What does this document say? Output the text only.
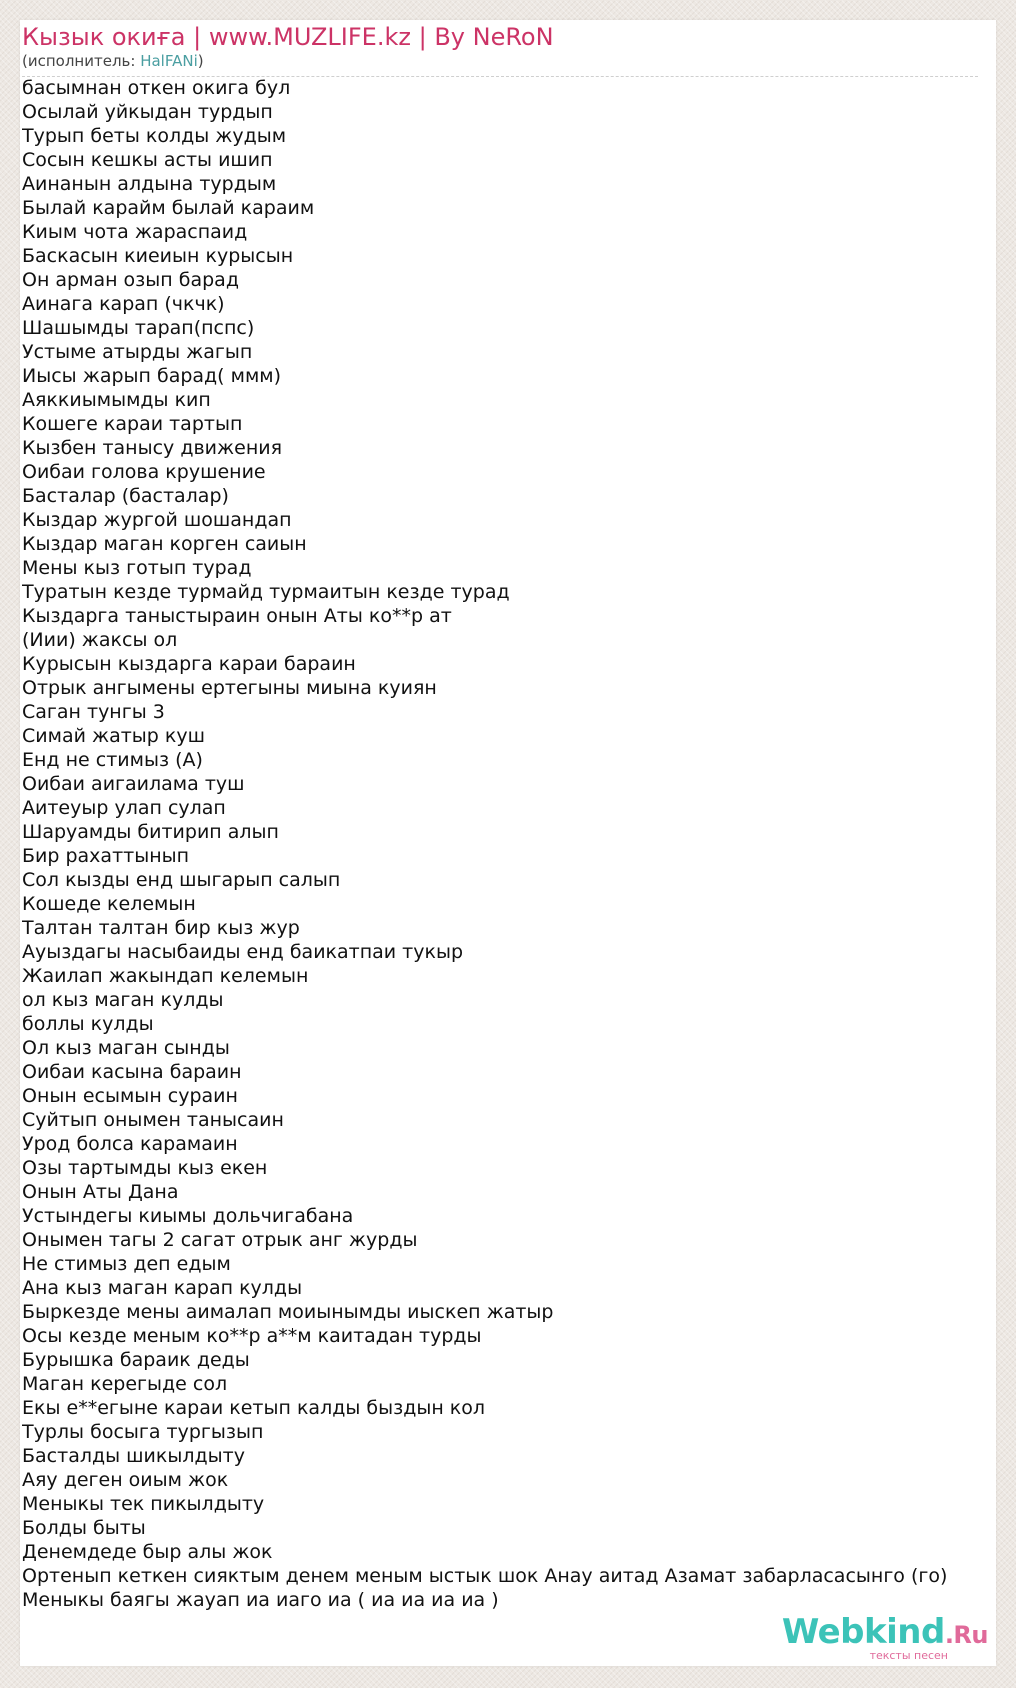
Кызык окиға | www.MUZLIFE.kz | By NeRoN
(исполнитель: HalFANi)
басымнан откен окига бул
Осылай уйкыдан турдып
Турып беты колды жудым
Сосын кешкы асты ишип
Аинанын алдына турдым
Былай карайм былай караим
Киым чота жараспаид
Баскасын киеиын курысын
Он арман озып барад
Аинага карап (чкчк)
Шашымды тарап(пспс)
Устыме атырды жагып
Иысы жарып барад( ммм)
Аяккиымымды кип
Кошеге караи тартып
Кызбен танысу движения
Оибаи голова крушение
Басталар (басталар)
Кыздар жургой шошандап
Кыздар маган корген саиын
Мены кыз готып турад
Туратын кезде турмайд турмаитын кезде турад
Кыздарга таныстыраин онын Аты ко**р ат
(Иии) жаксы ол
Курысын кыздарга караи бараин
Отрык ангымены ертегыны миына куиян
Саган тунгы 3
Симай жатыр куш
Енд не стимыз (А)
Оибаи аигаилама туш
Аитеуыр улап сулап
Шаруамды битирип алып
Бир рахаттынып
Сол кызды енд шыгарып салып
Кошеде келемын
Талтан талтан бир кыз жур
Ауыздагы насыбаиды енд баикатпаи тукыр
Жаилап жакындап келемын
ол кыз маган кулды
боллы кулды
Ол кыз маган сынды
Оибаи касына бараин
Онын есымын сураин
Суйтып онымен танысаин
Урод болса карамаин
Озы тартымды кыз екен
Онын Аты Дана
Устындегы киымы дольчигабана
Онымен тагы 2 сагат отрык анг журды
Не стимыз деп едым
Ана кыз маган карап кулды
Быркезде мены аималап моиынымды иыскеп жатыр
Осы кезде меным ко**р а**м каитадан турды
Бурышка бараик деды
Маган керегыде сол
Екы е**егыне караи кетып калды быздын кол
Турлы босыга тургызып
Басталды шикылдыту
Аяу деген оиым жок
Меныкы тек пикылдыту
Болды быты
Денемдеде быр алы жок
Ортенып кеткен сияктым денем меным ыстык шок Анау аитад Азамат забарласасынго (го)
Меныкы баягы жауап иа иаго иа ( иа иа иа иа )
Webkind.Ru
тексты песен
